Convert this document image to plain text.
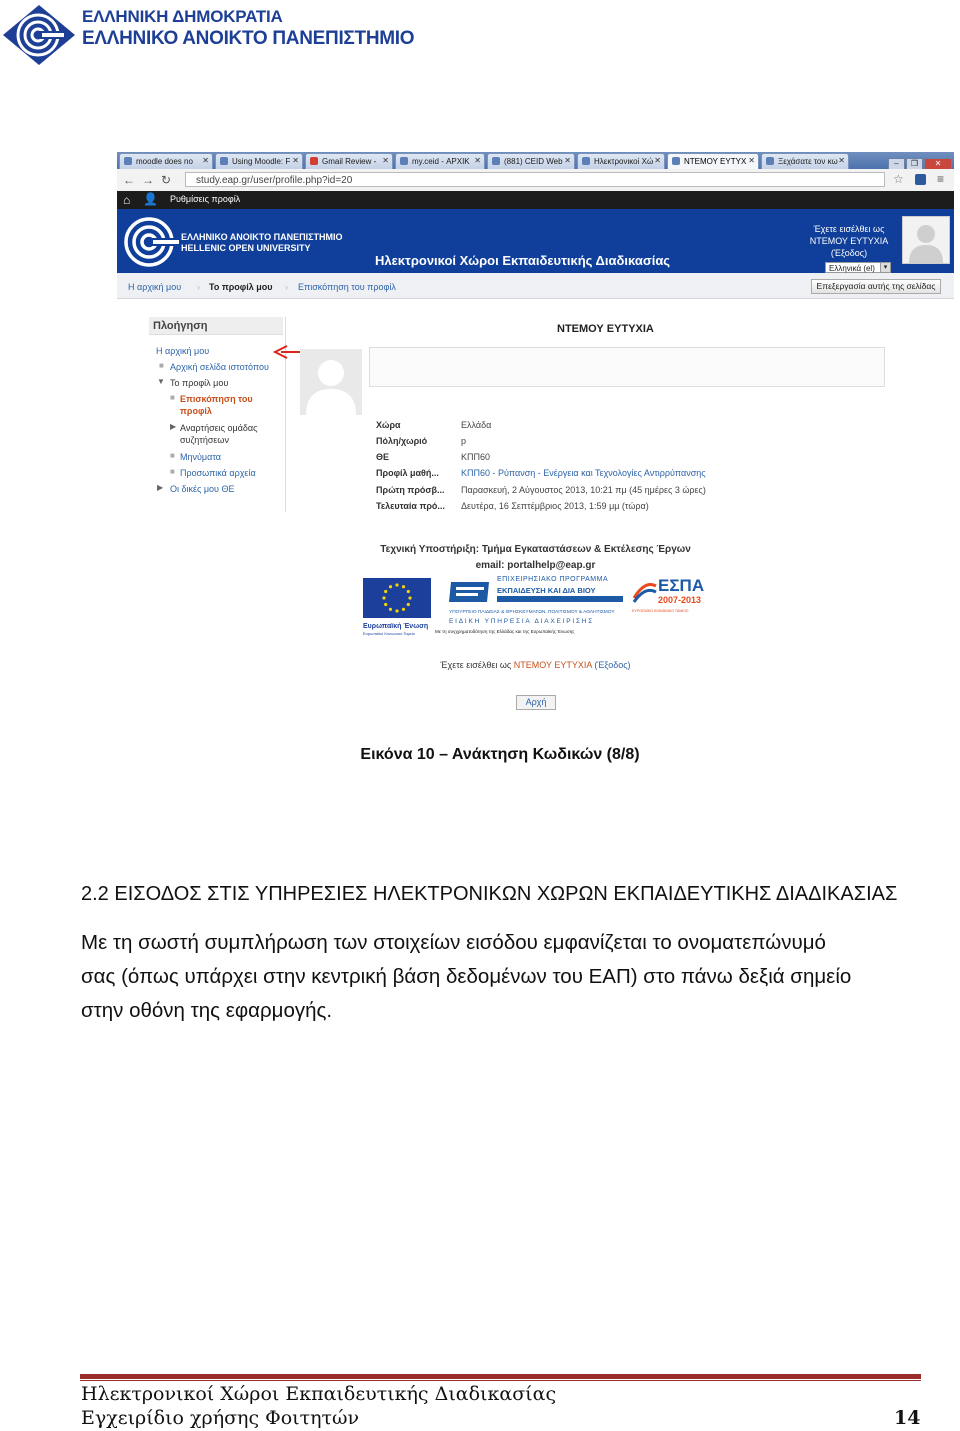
ΕΛΛΗΝΙΚΗ ΔΗΜΟΚΡΑΤΙΑ
ΕΛΛΗΝΙΚΟ ΑΝΟΙΚΤΟ ΠΑΝΕΠΙΣΤΗΜΙΟ
moodle does no ✕	Using Moodle: F ✕	Gmail Review - ✕	my.ceid - ΑΡΧΙΚ ✕	(881) CEID Web ✕	Ηλεκτρονικοί Χώ ✕	ΝΤΕΜΟΥ ΕΥΤΥΧ ✕	Ξεχάσατε τον κω ✕	– ❐ ✕
← → ↻	study.eap.gr/user/profile.php?id=20	☆	≡
⌂ 👤 Ρυθμίσεις προφίλ
ΕΛΛΗΝΙΚΟ ΑΝΟΙΚΤΟ ΠΑΝΕΠΙΣΤΗΜΙΟ
HELLENIC OPEN UNIVERSITY
Ηλεκτρονικοί Χώροι Εκπαιδευτικής Διαδικασίας
Έχετε εισέλθει ως
ΝΤΕΜΟΥ ΕΥΤΥΧΙΑ
(Έξοδος)
Ελληνικά (el)	▾
Η αρχική μου › Το προφίλ μου › Επισκόπηση του προφίλ	Επεξεργασία αυτής της σελίδας
Πλοήγηση
Η αρχική μου
■ Αρχική σελίδα ιστοτόπου
▼ Το προφίλ μου
■ Επισκόπηση του
προφίλ
▶ Αναρτήσεις ομάδας
συζητήσεων
■ Μηνύματα
■ Προσωπικά αρχεία
▶ Οι δικές μου ΘΕ
ΝΤΕΜΟΥ ΕΥΤΥΧΙΑ
Χώρα	Ελλάδα
Πόλη/χωριό	p
ΘΕ	ΚΠΠ60
Προφίλ μαθή... ΚΠΠ60 - Ρύπανση - Ενέργεια και Τεχνολογίες Αντιρρύπανσης
Πρώτη πρόσβ... Παρασκευή, 2 Αύγουστος 2013, 10:21 πμ (45 ημέρες 3 ώρες)
Τελευταία πρό... Δευτέρα, 16 Σεπτέμβριος 2013, 1:59 μμ (τώρα)
Τεχνική Υποστήριξη: Τμήμα Εγκαταστάσεων & Εκτέλεσης Έργων
email: portalhelp@eap.gr
Ευρωπαϊκή Ένωση
Ευρωπαϊκό Κοινωνικό Ταμείο
ΕΠΙΧΕΙΡΗΣΙΑΚΟ ΠΡΟΓΡΑΜΜΑ
ΕΚΠΑΙΔΕΥΣΗ ΚΑΙ ΔΙΑ ΒΙΟΥ
ΥΠΟΥΡΓΕΙΟ ΠΑΙΔΕΙΑΣ & ΘΡΗΣΚΕΥΜΑΤΩΝ, ΠΟΛΙΤΙΣΜΟΥ & ΑΘΛΗΤΙΣΜΟΥ
ΕΙΔΙΚΗ ΥΠΗΡΕΣΙΑ ΔΙΑΧΕΙΡΙΣΗΣ
Με τη συγχρηματοδότηση της Ελλάδας και της Ευρωπαϊκής Ένωσης
ΕΣΠΑ
2007-2013
ΕΥΡΩΠΑΪΚΟ ΚΟΙΝΩΝΙΚΟ ΤΑΜΕΙΟ
Έχετε εισέλθει ως ΝΤΕΜΟΥ ΕΥΤΥΧΙΑ (Έξοδος)
Αρχή
Εικόνα 10 – Ανάκτηση Κωδικών (8/8)
2.2 ΕΙΣΟΔΟΣ ΣΤΙΣ ΥΠΗΡΕΣΙΕΣ ΗΛΕΚΤΡΟΝΙΚΩΝ ΧΩΡΩΝ ΕΚΠΑΙΔΕΥΤΙΚΗΣ ΔΙΑΔΙΚΑΣΙΑΣ
Με τη σωστή συμπλήρωση των στοιχείων εισόδου εμφανίζεται το ονοματεπώνυμό
σας (όπως υπάρχει στην κεντρική βάση δεδομένων του ΕΑΠ) στο πάνω δεξιά σημείο
στην οθόνη της εφαρμογής.
Ηλεκτρονικοί Χώροι Εκπαιδευτικής Διαδικασίας
Εγχειρίδιο χρήσης Φοιτητών	14
